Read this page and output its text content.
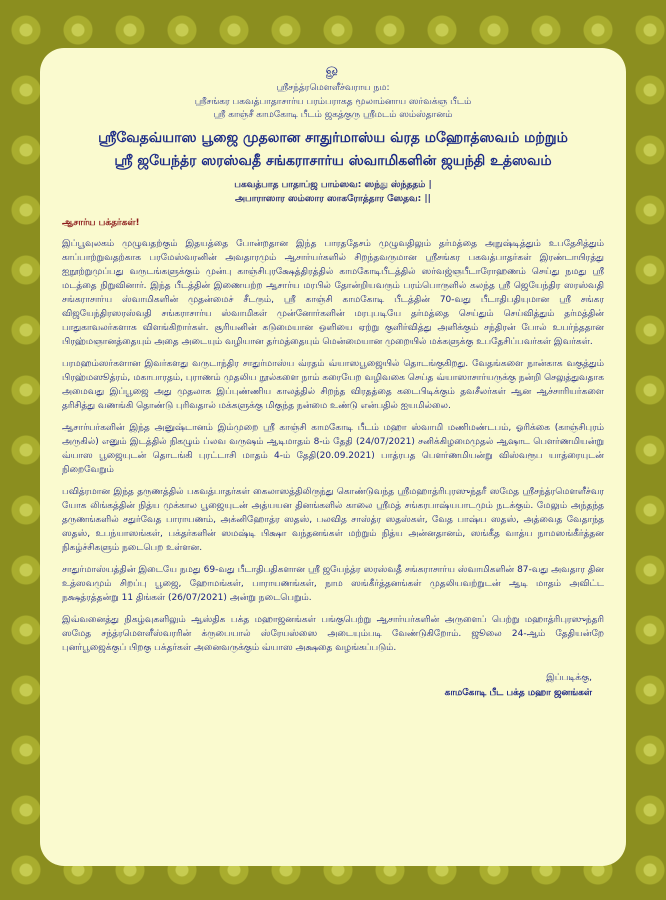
ௐ
ஸ்ரீசந்த்ரமௌளீச்வராய நம:
ஸ்ரீசங்கர பகவத்பாதாசார்ய பரம்பராகத மூலாம்னாய ஸர்வக்ஞ பீடம்
ஸ்ரீ காஞ்சீ காமகோடி பீடம் ஜகத்குரு ஸ்ரீமடம் ஸம்ஸ்தானம்
ஸ்ரீவேதவ்யாஸ பூஜை முதலான சாதுர்மாஸ்ய வ்ரத மஹோத்ஸவம் மற்றும்
ஸ்ரீ ஜயேந்த்ர ஸரஸ்வதீ சங்கராசார்ய ஸ்வாமிகளின் ஜயந்தி உத்ஸவம்
பகவத்பாத பாதாப்ஜ பாம்ஸவ: ஸந்து ஸ்ந்ததம் |
அபாராஸார ஸம்ஸார ஸாகரோத்தார ஸேதவ: ||
ஆசார்ய பக்தர்கள்!

இப்பூவுலகம் முழுவதற்கும் இதயத்தை போன்றதான இந்த பாரததேசம் முழுவதிலும் தர்மத்தை அநுஷ்டித்தும் உபதேசித்தும் காப்பாற்றுவதற்காக பரமேஸ்வரனின் அவதாரமும் ஆசார்யர்களில் சிறந்தவருமான ஸ்ரீசங்கர பகவத்பாதர்கள் இரண்டாயிரத்து ஐநூற்றுமுப்பது வருடங்களுக்கும் முன்பு காஞ்சிபுரக்ஷேத்திரத்தில் காமகோடிபீடத்தில் ஸர்வஜ்ஞபீடாரோஹணம் செய்து நமது ஸ்ரீ மடத்தை நிறுவினார். இந்த பீடத்தின் இணையற்ற ஆசார்ய மரபில் தோன்றியவரும் பரம்பொருளில் கலந்த ஸ்ரீ ஜெயேந்திர ஸரஸ்வதி சங்கராசார்ய ஸ்வாமிகளின் முதன்மைச் சீடரும், ஸ்ரீ காஞ்சி காமகோடி பீடத்தின் 70-வது பீடாதிபதியுமான ஸ்ரீ சங்கர விஜயேந்திரஸரஸ்வதி சங்கராசார்ய ஸ்வாமிகள் முன்னோர்களின் மரபுபடியே தர்மத்தை செய்தும் செய்வித்தும் தர்மத்தின் பாதுகாவலர்களாக விளங்கிறார்கள். சூரியனின் கடுமையான ஒளியை ஏற்று குளிர்வித்து அளிக்கும் சந்திரன் போல் உயர்ந்ததான பிரஹ்மஞானத்தையும் அதை அடையும் வழியான தர்மத்தையும் மென்மையான முறையில் மக்களுக்கு உபதேசிப்பவர்கள் இவர்கள்.

பரமஹம்ஸர்களான இவர்களது வருடாந்திர சாதுர்மாஸ்ய வ்ரதம் வ்யாஸபூஜையில் தொடங்குகிறது. வேதங்களை நான்காக வகுத்தும் பிரஹ்மஸூத்ரம், மகாபாரதம், புராணம் முதலிய நூல்களை நாம் கரையேற வழிவகை செய்த வ்யாஸாசார்யருக்கு நன்றி செலுத்துவதாக அமைவது இப்பூஜை அது முதலாக இப்புண்ணிய காலத்தில் சிறந்த விரதத்தை கடைபிடிக்கும் தவசீலர்கள் ஆன ஆச்சாரியர்களை தரிசித்து வணங்கி தொண்டு புரிவதால் மக்களுக்கு மிகுந்த நன்மை உண்டு என்பதில் ஐயமில்லை.

ஆசார்யர்களின் இந்த அனுஷ்டானம் இம்முறை ஸ்ரீ காஞ்சி காமகோடி பீடம் மஹா ஸ்வாமி மணிமண்டபம், ஓரிக்கை (காஞ்சிபுரம் அருகில்) எனும் இடத்தில் நிகழும் ப்லவ வருஷம் ஆடிமாதம் 8-ம் தேதி (24/07/2021) சனிக்கிழமைமுதல் ஆஷாட பௌர்ணமியன்று வ்யாஸ பூஜையுடன் தொடங்கி புரட்டாசி மாதம் 4-ம் தேதி(20.09.2021) பாத்ரபத பௌர்ணமியன்று விஸ்வரூப யாத்ரையுடன் நிறைவேறும்

பவித்ரமான இந்த தருணத்தில் பகவத்பாதர்கள் கைலாஸத்திலிருந்து கொண்டுவந்த ஸ்ரீமஹாத்ரிபுரஸுந்தரீ ஸமேத ஸ்ரீசந்த்ரமௌளீச்வர யோக லிங்கத்தின் நித்ய முக்கால பூஜையுடன் அத்யயன தினங்களில் காலை ஸ்ரீமத் சங்கரபாஷ்யபாடமும் நடக்கும். மேலும் அந்தந்த தருணங்களில் சதுர்வேத பாராயணம், அக்னிஹோத்ர ஸதஸ், பலவித சாஸ்த்ர ஸதஸ்கள், வேத பாஷ்ய ஸதஸ், அத்வைத வேதாந்த ஸதஸ், உபந்யாஸங்கள், பக்தர்களின் ஸமஷ்டி பிக்ஷா வந்தனங்கள் மற்றும் நித்ய அன்னதானம், ஸங்கீத வாத்ய நாமஸங்கீர்த்தன நிகழ்ச்சிகளும் நடைபெற உள்ளன.

சாதுர்மாஸ்யத்தின் இடையே நமது 69-வது பீடாதிபதிகளான ஸ்ரீ ஜயேந்த்ர ஸரஸ்வதீ சங்கராசார்ய ஸ்வாமிகளின் 87-வது அவதார தின உத்ஸவமும் சிறப்பு பூஜை, ஹோமங்கள், பாராயணங்கள், நாம ஸங்கீர்த்தனங்கள் முதலியவற்றுடன் ஆடி மாதம் அவிட்ட நக்ஷத்ரத்தன்று 11 திங்கள் (26/07/2021) அன்று நடைபெறும்.

இவ்வனைத்து நிகழ்வுகளிலும் ஆஸ்திக பக்த மஹாஜனங்கள் பங்குபெற்று ஆசார்யர்களின் அருளைப் பெற்று மஹாத்ரிபுரஸுந்தரி ஸமேத சந்த்ரமௌளீஸ்வரரின் க்ருபையால் ஸ்ரேயஸ்ஸை அடையும்படி வேண்டுகிறோம். ஜூலை 24-ஆம் தேதியன்றே புனர்பூஜைக்குப் பிறகு பக்தர்கள் அனைவருக்கும் வ்யாஸ அக்ஷதை வழங்கப்படும்.

இப்படிக்கு,
காமகோடி பீட பக்த மஹா ஜனங்கள்
